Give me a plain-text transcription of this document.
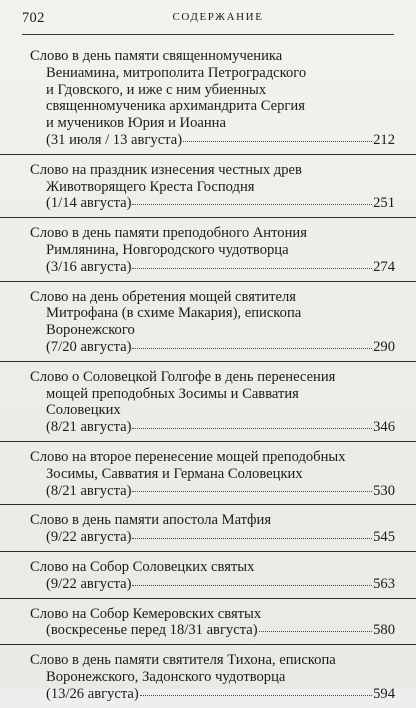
702	СОДЕРЖАНИЕ
Слово в день памяти священномученика
Вениамина, митрополита Петроградского
и Гдовского, и иже с ним убиенных
священномученика архимандрита Сергия
и мучеников Юрия и Иоанна
(31 июля / 13 августа)	212
Слово на праздник изнесения честных древ
Животворящего Креста Господня
(1/14 августа)	251
Слово в день памяти преподобного Антония
Римлянина, Новгородского чудотворца
(3/16 августа)	274
Слово на день обретения мощей святителя
Митрофана (в схиме Макария), епископа
Воронежского
(7/20 августа)	290
Слово о Соловецкой Голгофе в день перенесения
мощей преподобных Зосимы и Савватия
Соловецких
(8/21 августа)	346
Слово на второе перенесение мощей преподобных
Зосимы, Савватия и Германа Соловецких
(8/21 августа)	530
Слово в день памяти апостола Матфия
(9/22 августа)	545
Слово на Собор Соловецких святых
(9/22 августа)	563
Слово на Собор Кемеровских святых
(воскресенье перед 18/31 августа)	580
Слово в день памяти святителя Тихона, епископа
Воронежского, Задонского чудотворца
(13/26 августа)	594
